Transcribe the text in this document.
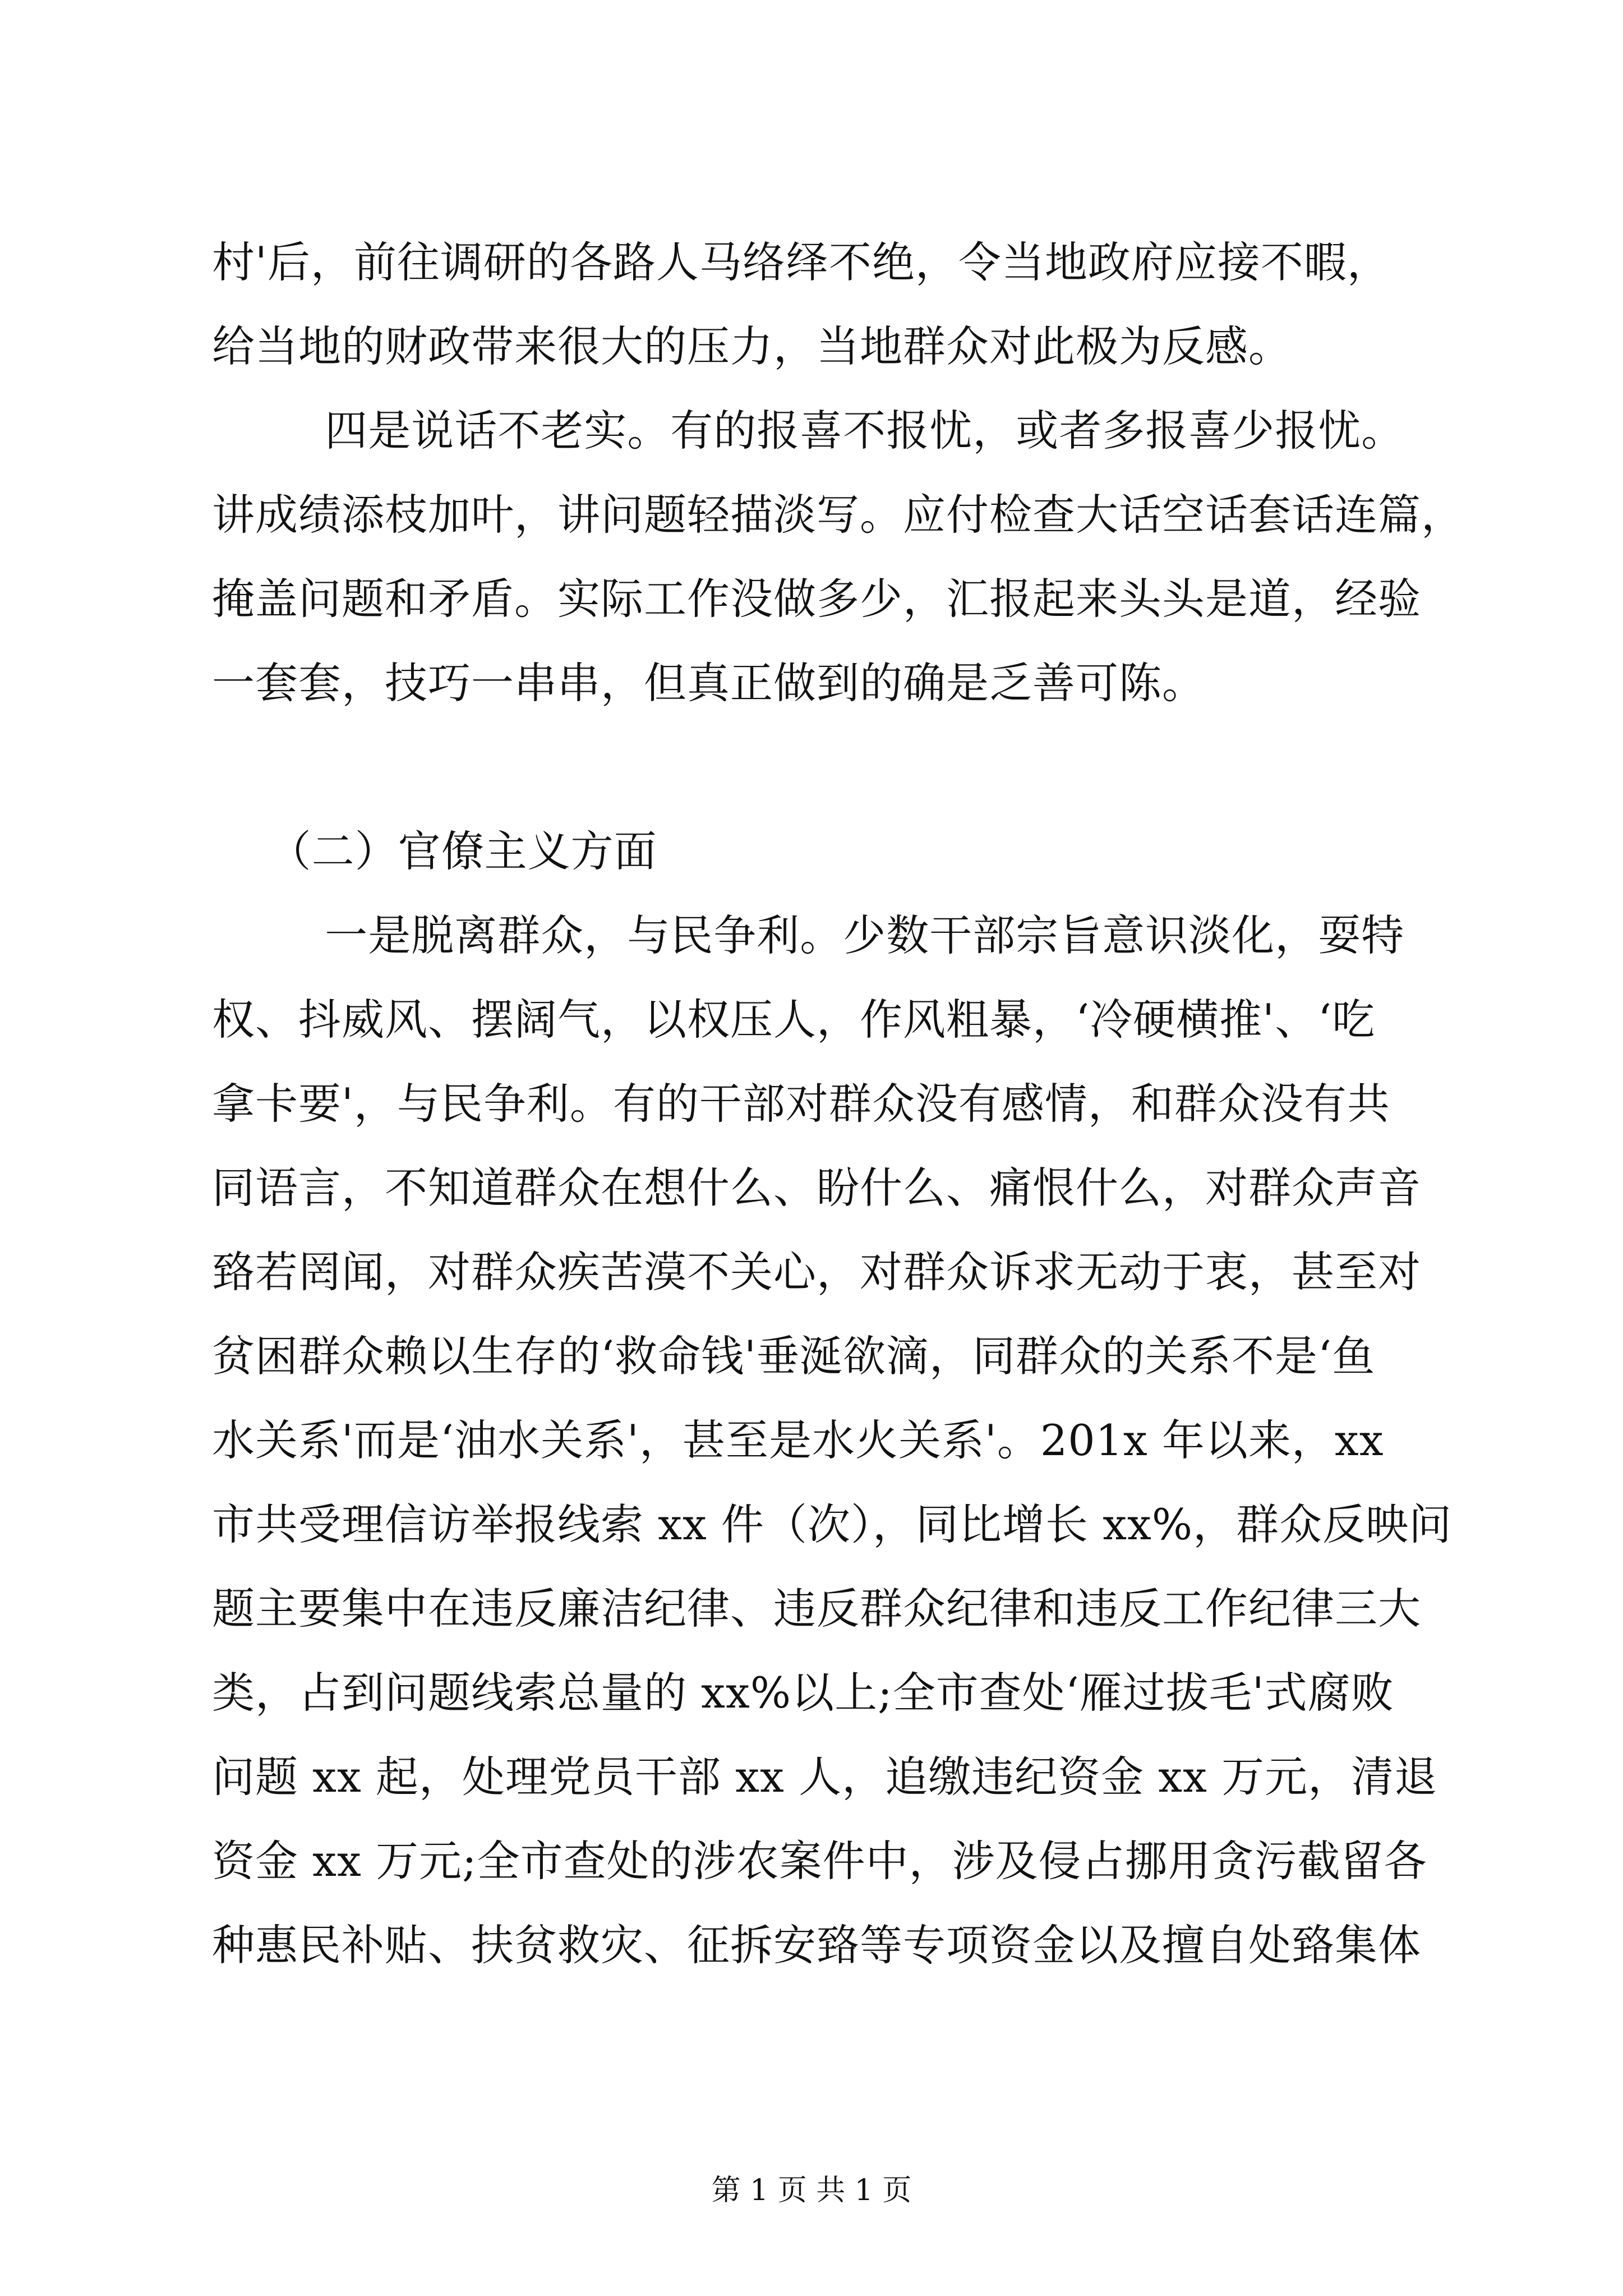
村'后，前往调研的各路人马络绎不绝，令当地政府应接不暇，
给当地的财政带来很大的压力，当地群众对此极为反感。
四是说话不老实。有的报喜不报忧，或者多报喜少报忧。
讲成绩添枝加叶，讲问题轻描淡写。应付检查大话空话套话连篇，
掩盖问题和矛盾。实际工作没做多少，汇报起来头头是道，经验
一套套，技巧一串串，但真正做到的确是乏善可陈。
（二）官僚主义方面
一是脱离群众，与民争利。少数干部宗旨意识淡化，耍特
权、抖威风、摆阔气，以权压人，作风粗暴，‘冷硬横推'、‘吃
拿卡要'，与民争利。有的干部对群众没有感情，和群众没有共
同语言，不知道群众在想什么、盼什么、痛恨什么，对群众声音
臵若罔闻，对群众疾苦漠不关心，对群众诉求无动于衷，甚至对
贫困群众赖以生存的‘救命钱'垂涎欲滴，同群众的关系不是‘鱼
水关系'而是‘油水关系'，甚至是水火关系'。201x 年以来，xx
市共受理信访举报线索 xx 件（次），同比增长 xx%，群众反映问
题主要集中在违反廉洁纪律、违反群众纪律和违反工作纪律三大
类，占到问题线索总量的 xx%以上;全市查处‘雁过拔毛'式腐败
问题 xx 起，处理党员干部 xx 人，追缴违纪资金 xx 万元，清退
资金 xx 万元;全市查处的涉农案件中，涉及侵占挪用贪污截留各
种惠民补贴、扶贫救灾、征拆安臵等专项资金以及擅自处臵集体
第 1 页 共 1 页
